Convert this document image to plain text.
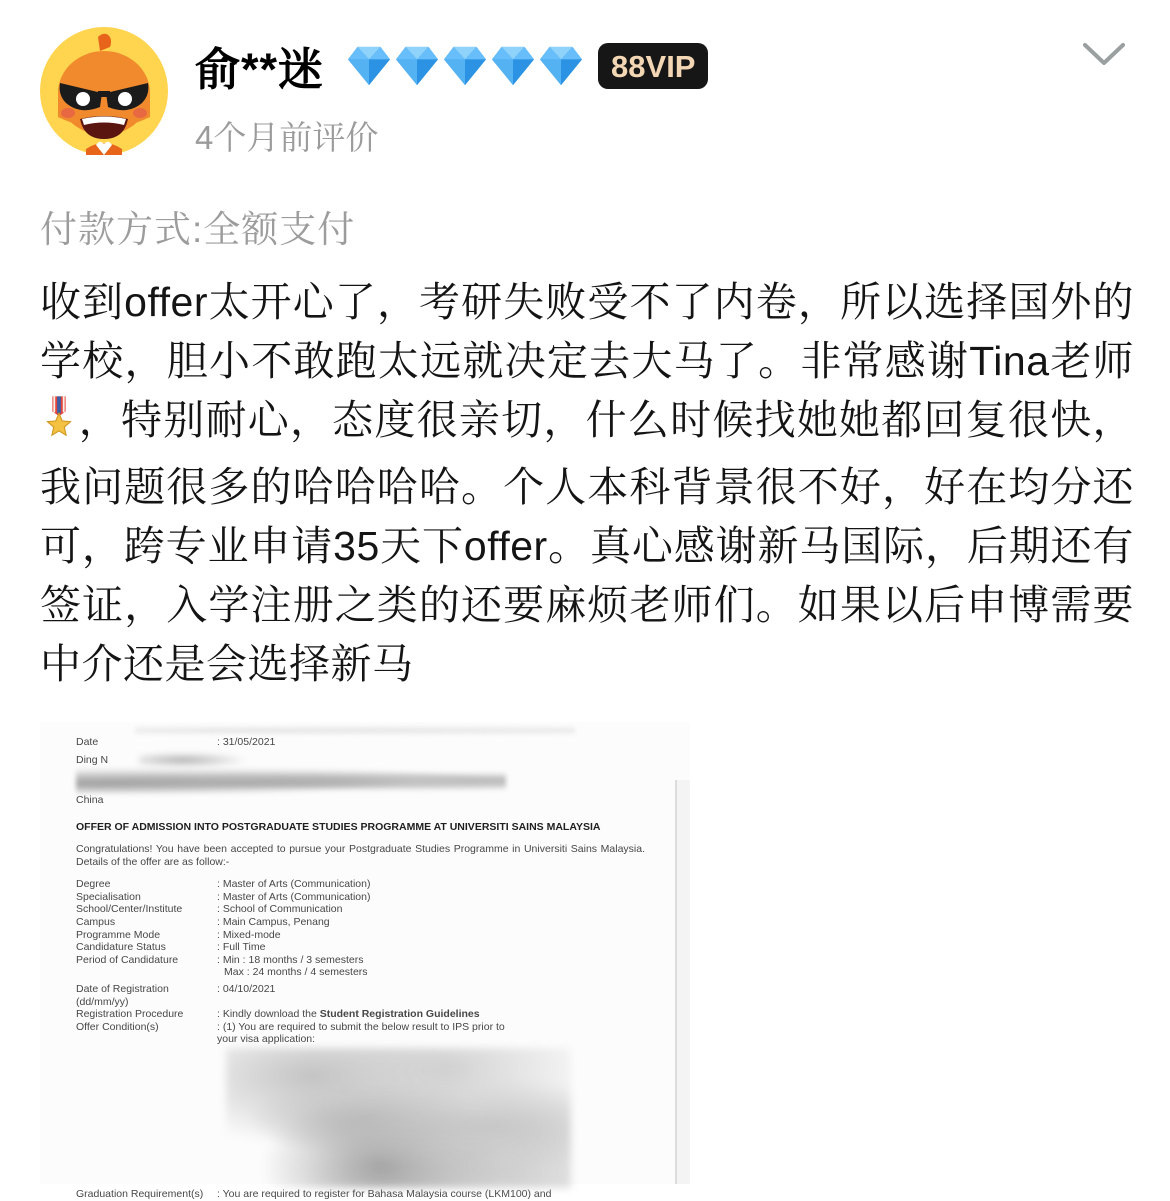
俞**迷	88VIP
4个月前评价
付款方式:全额支付
收到offer太开心了，考研失败受不了内卷，所以选择国外的学校，胆小不敢跑太远就决定去大马了。非常感谢Tina老师，特别耐心，态度很亲切，什么时候找她她都回复很快，我问题很多的哈哈哈哈。个人本科背景很不好，好在均分还可，跨专业申请35天下offer。真心感谢新马国际，后期还有签证，入学注册之类的还要麻烦老师们。如果以后申博需要中介还是会选择新马
Date	: 31/05/2021
Ding N
China
OFFER OF ADMISSION INTO POSTGRADUATE STUDIES PROGRAMME AT UNIVERSITI SAINS MALAYSIA
Congratulations! You have been accepted to pursue your Postgraduate Studies Programme in Universiti Sains Malaysia. Details of the offer are as follow:-
Degree	: Master of Arts (Communication)
Specialisation	: Master of Arts (Communication)
School/Center/Institute	: School of Communication
Campus	: Main Campus, Penang
Programme Mode	: Mixed-mode
Candidature Status	: Full Time
Period of Candidature	: Min : 18 months / 3 semesters
Max : 24 months / 4 semesters
Date of Registration (dd/mm/yy)
: 04/10/2021
Registration Procedure	: Kindly download the Student Registration Guidelines
Offer Condition(s)	: (1) You are required to submit the below result to IPS prior to your visa application:
Graduation Requirement(s)	: You are required to register for Bahasa Malaysia course (LKM100) and
